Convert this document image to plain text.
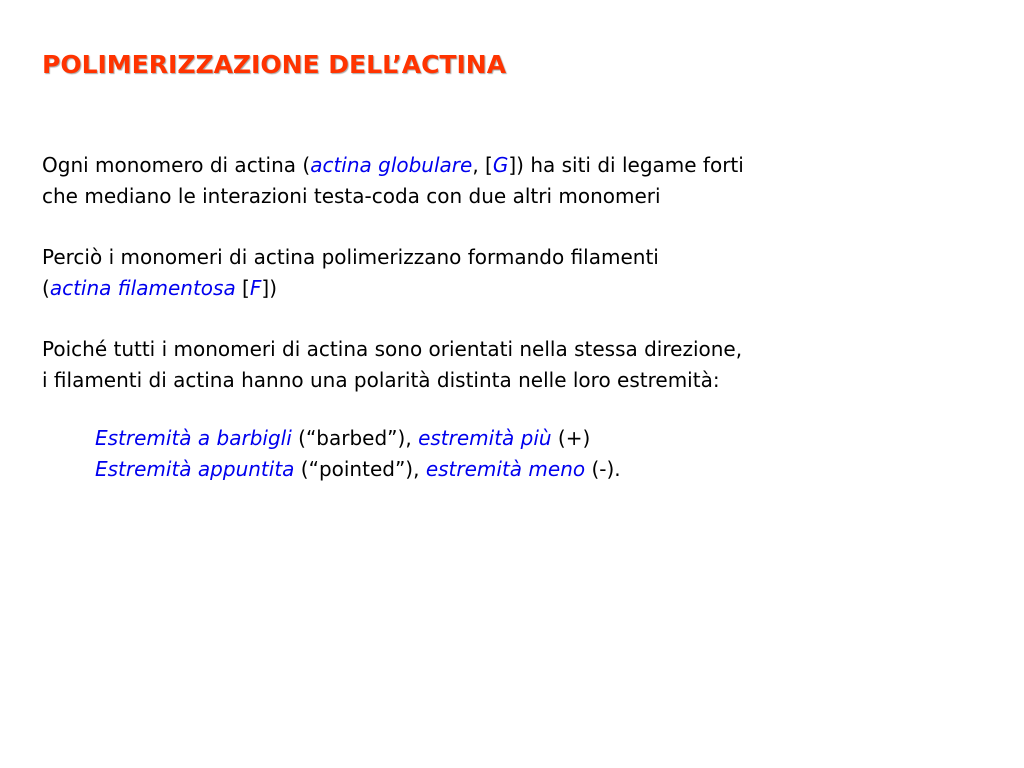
POLIMERIZZAZIONE DELL’ACTINA
Ogni monomero di actina (actina globulare, [G]) ha siti di legame forti
che mediano le interazioni testa-coda con due altri monomeri
Perciò i monomeri di actina polimerizzano formando filamenti
(actina filamentosa [F])
Poiché tutti i monomeri di actina sono orientati nella stessa direzione,
i filamenti di actina hanno una polarità distinta nelle loro estremità:
Estremità a barbigli (“barbed”), estremità più (+)
Estremità appuntita (“pointed”), estremità meno (-).
